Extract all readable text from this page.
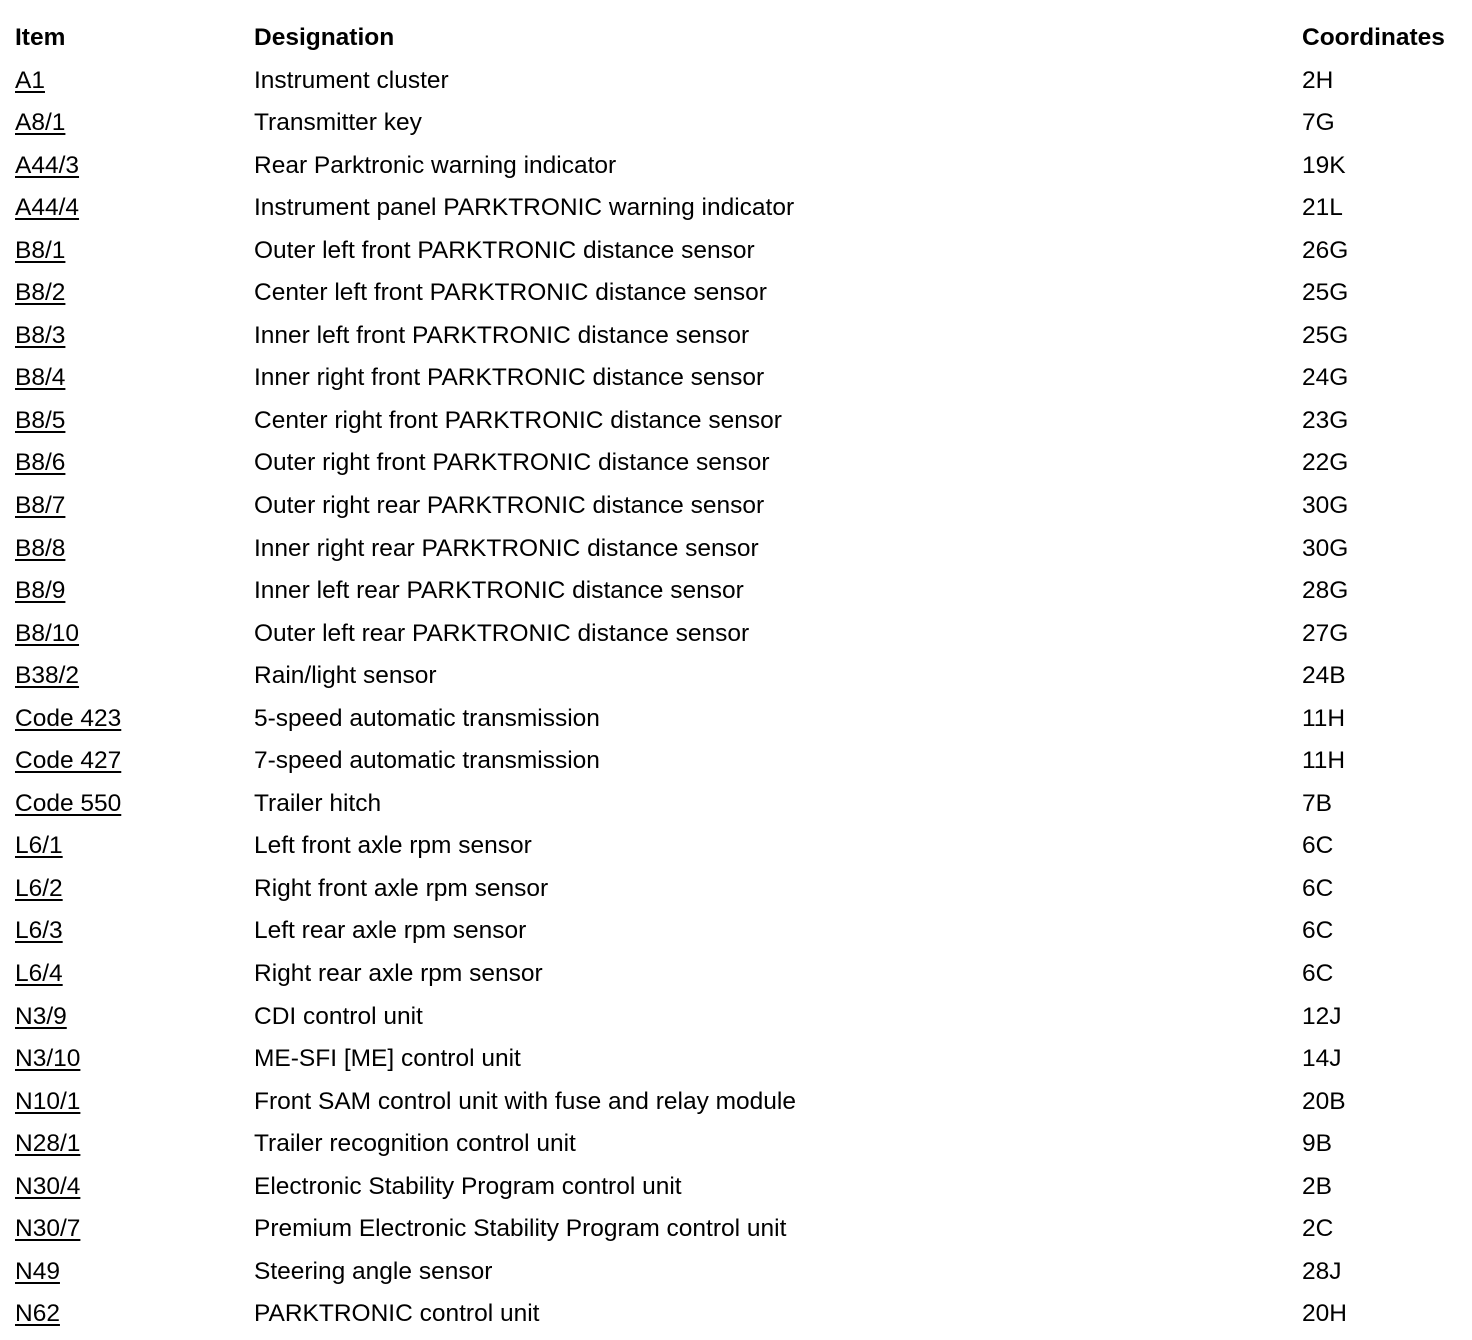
Item	Designation	Coordinates
A1	Instrument cluster	2H
A8/1	Transmitter key	7G
A44/3	Rear Parktronic warning indicator	19K
A44/4	Instrument panel PARKTRONIC warning indicator	21L
B8/1	Outer left front PARKTRONIC distance sensor	26G
B8/2	Center left front PARKTRONIC distance sensor	25G
B8/3	Inner left front PARKTRONIC distance sensor	25G
B8/4	Inner right front PARKTRONIC distance sensor	24G
B8/5	Center right front PARKTRONIC distance sensor	23G
B8/6	Outer right front PARKTRONIC distance sensor	22G
B8/7	Outer right rear PARKTRONIC distance sensor	30G
B8/8	Inner right rear PARKTRONIC distance sensor	30G
B8/9	Inner left rear PARKTRONIC distance sensor	28G
B8/10	Outer left rear PARKTRONIC distance sensor	27G
B38/2	Rain/light sensor	24B
Code 423	5-speed automatic transmission	11H
Code 427	7-speed automatic transmission	11H
Code 550	Trailer hitch	7B
L6/1	Left front axle rpm sensor	6C
L6/2	Right front axle rpm sensor	6C
L6/3	Left rear axle rpm sensor	6C
L6/4	Right rear axle rpm sensor	6C
N3/9	CDI control unit	12J
N3/10	ME-SFI [ME] control unit	14J
N10/1	Front SAM control unit with fuse and relay module	20B
N28/1	Trailer recognition control unit	9B
N30/4	Electronic Stability Program control unit	2B
N30/7	Premium Electronic Stability Program control unit	2C
N49	Steering angle sensor	28J
N62	PARKTRONIC control unit	20H
